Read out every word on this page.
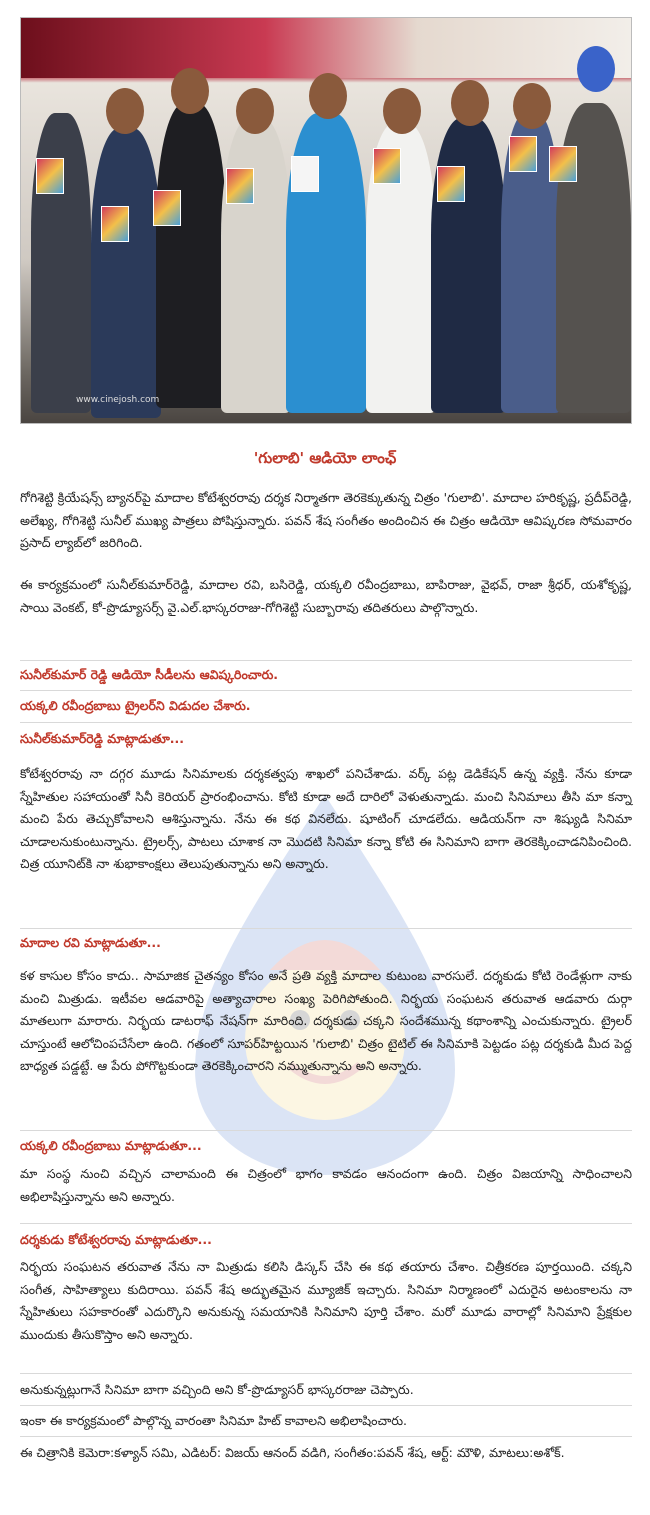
www.cinejosh.com
'గులాబి' ఆడియో లాంఛ్

గోగిశెట్టి క్రియేషన్స్ బ్యానర్‌పై మాదాల కోటేశ్వరరావు దర్శక నిర్మాతగా తెరకెక్కుతున్న చిత్రం 'గులాబి'. మాదాల హరికృష్ణ, ప్రదీప్‌రెడ్డి, అలేఖ్య, గోగిశెట్టి సునీల్ ముఖ్య పాత్రలు పోషిస్తున్నారు. పవన్ శేష సంగీతం అందించిన ఈ చిత్రం ఆడియో ఆవిష్కరణ సోమవారం ప్రసాద్ ల్యాబ్‌లో జరిగింది.

ఈ కార్యక్రమంలో సునీల్‌కుమార్‌రెడ్డి, మాదాల రవి, బసిరెడ్డి, యక్కలి రవీంద్రబాబు, బాపిరాజు, వైభవ్, రాజా శ్రీధర్, యశోకృష్ణ, సాయి వెంకట్, కో-ప్రొడ్యూసర్స్ వై.ఎల్.భాస్కరరాజు-గోగిశెట్టి సుబ్బారావు తదితరులు పాల్గొన్నారు.

సునీల్‌కుమార్ రెడ్డి ఆడియో సీడీలను ఆవిష్కరించారు.

యక్కలి రవీంద్రబాబు ట్రైలర్‌ని విడుదల చేశారు.

సునీల్‌కుమార్‌రెడ్డి మాట్లాడుతూ...

కోటేశ్వరరావు నా దగ్గర మూడు సినిమాలకు దర్శకత్వపు శాఖలో పనిచేశాడు. వర్క్ పట్ల డెడికేషన్ ఉన్న వ్యక్తి. నేను కూడా స్నేహితుల సహాయంతో సినీ కెరియర్ ప్రారంభించాను. కోటి కూడా అదే దారిలో వెళుతున్నాడు. మంచి సినిమాలు తీసి మా కన్నా మంచి పేరు తెచ్చుకోవాలని ఆశిస్తున్నాను. నేను ఈ కథ వినలేదు. షూటింగ్ చూడలేదు. ఆడియన్‌గా నా శిష్యుడి సినిమా చూడాలనుకుంటున్నాను. ట్రైలర్స్, పాటలు చూశాక నా మొదటి సినిమా కన్నా కోటి ఈ సినిమాని బాగా తెరకెక్కించాడనిపించింది. చిత్ర యూనిట్‌కి నా శుభాకాంక్షలు తెలుపుతున్నాను అని అన్నారు.

మాదాల రవి మాట్లాడుతూ...

కళ కాసుల కోసం కాదు.. సామాజిక చైతన్యం కోసం అనే ప్రతి వ్యక్తి మాదాల కుటుంబ వారసులే. దర్శకుడు కోటి రెండేళ్లుగా నాకు మంచి మిత్రుడు. ఇటీవల ఆడవారిపై అత్యాచారాల సంఖ్య పెరిగిపోతుంది. నిర్భయ సంఘటన తరువాత ఆడవారు దుర్గా మాతలుగా మారారు. నిర్భయ డాటరాఫ్ నేషన్‌గా మారింది. దర్శకుడు చక్కని సందేశమున్న కథాంశాన్ని ఎంచుకున్నారు. ట్రైలర్ చూస్తుంటే ఆలోచింపచేసేలా ఉంది. గతంలో సూపర్‌హిట్టయిన 'గులాబి' చిత్రం టైటిల్ ఈ సినిమాకి పెట్టడం పట్ల దర్శకుడి మీద పెద్ద బాధ్యత పడ్డట్టే. ఆ పేరు పోగొట్టకుండా తెరకెక్కించారని నమ్ముతున్నాను అని అన్నారు.

యక్కలి రవీంద్రబాబు మాట్లాడుతూ...

మా సంస్థ నుంచి వచ్చిన చాలామంది ఈ చిత్రంలో భాగం కావడం ఆనందంగా ఉంది. చిత్రం విజయాన్ని సాధించాలని అభిలాషిస్తున్నాను అని అన్నారు.

దర్శకుడు కోటేశ్వరరావు మాట్లాడుతూ...

నిర్భయ సంఘటన తరువాత నేను నా మిత్రుడు కలిసి డిస్కస్ చేసి ఈ కథ తయారు చేశాం. చిత్రీకరణ పూర్తయింది. చక్కని సంగీత, సాహిత్యాలు కుదిరాయి. పవన్ శేష అద్భుతమైన మ్యూజిక్ ఇచ్చారు. సినిమా నిర్మాణంలో ఎదురైన అటంకాలను నా స్నేహితులు సహకారంతో ఎదుర్కొని అనుకున్న సమయానికి సినిమాని పూర్తి చేశాం. మరో మూడు వారాల్లో సినిమాని ప్రేక్షకుల ముందుకు తీసుకొస్తాం అని అన్నారు.

అనుకున్నట్లుగానే సినిమా బాగా వచ్చింది అని కో-ప్రొడ్యూసర్ భాస్కరరాజు చెప్పారు.

ఇంకా ఈ కార్యక్రమంలో పాల్గొన్న వారంతా సినిమా హిట్ కావాలని అభిలాషించారు.

ఈ చిత్రానికి కెమెరా:కళ్యాన్ సమి, ఎడిటర్: విజయ్ ఆనంద్ వడిగి, సంగీతం:పవన్ శేష, ఆర్ట్: మౌళి, మాటలు:అశోక్.
